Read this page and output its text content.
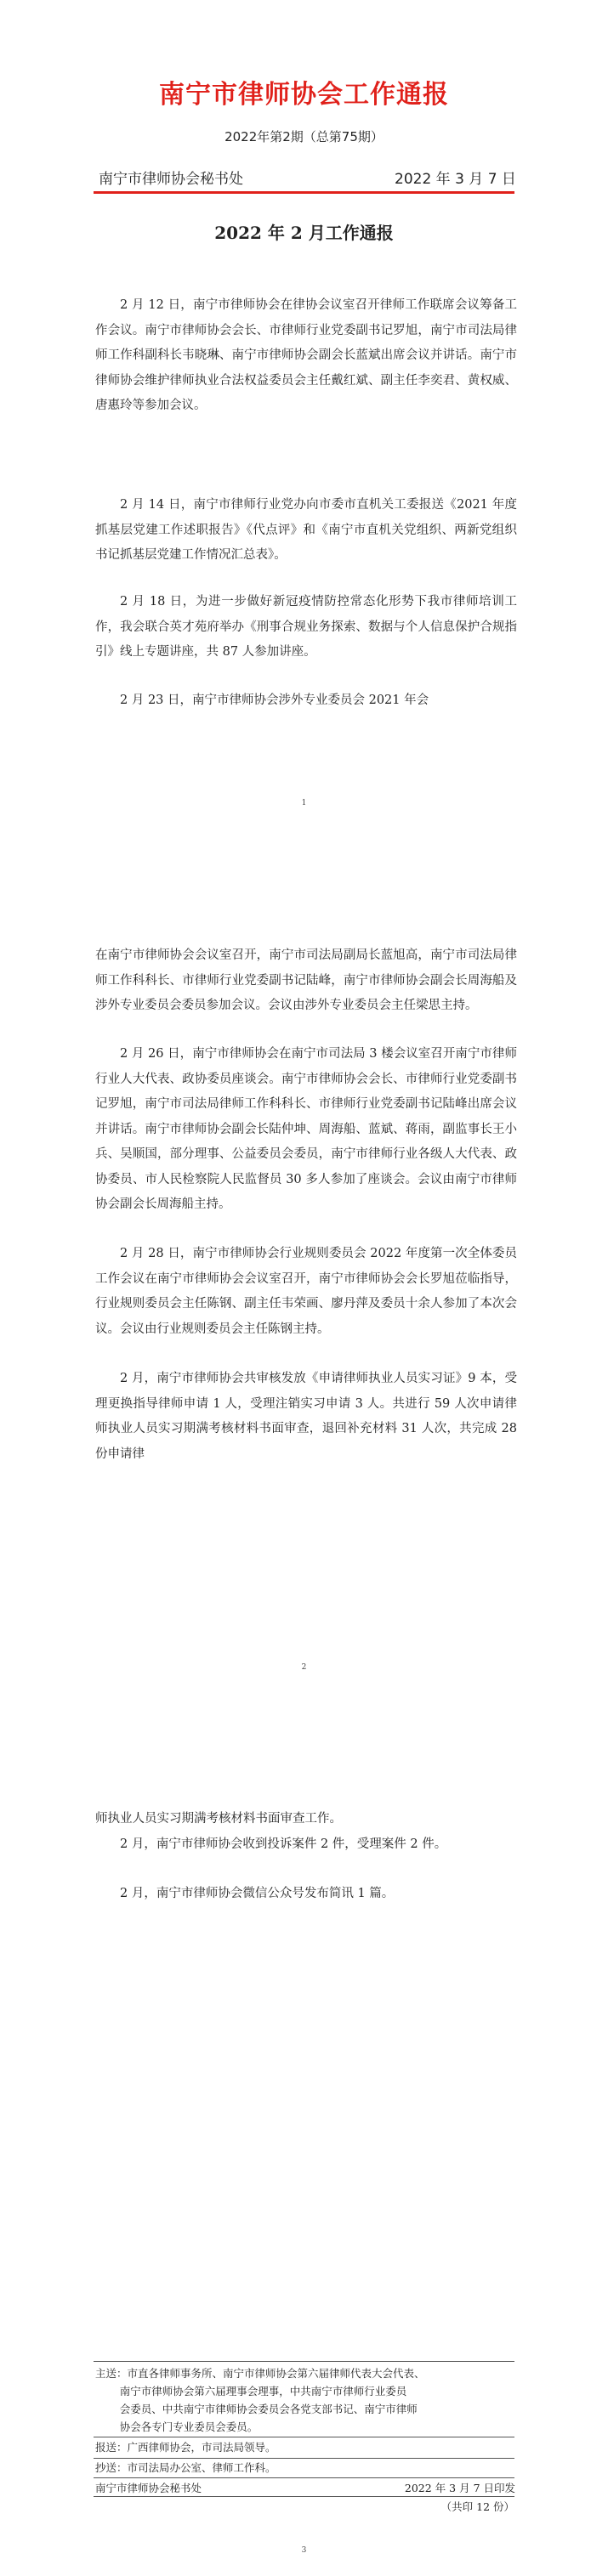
南宁市律师协会工作通报
2022年第2期（总第75期）
南宁市律师协会秘书处	2022 年 3 月 7 日
2022 年 2 月工作通报

2 月 12 日，南宁市律师协会在律协会议室召开律师工作联席会议筹备工作会议。南宁市律师协会会长、市律师行业党委副书记罗旭，南宁市司法局律师工作科副科长韦晓琳、南宁市律师协会副会长蓝斌出席会议并讲话。南宁市律师协会维护律师执业合法权益委员会主任戴红斌、副主任李奕君、黄权威、唐惠玲等参加会议。

2 月 14 日，南宁市律师行业党办向市委市直机关工委报送《2021 年度抓基层党建工作述职报告》《代点评》和《南宁市直机关党组织、两新党组织书记抓基层党建工作情况汇总表》。

2 月 18 日，为进一步做好新冠疫情防控常态化形势下我市律师培训工作，我会联合英才苑府举办《刑事合规业务探索、数据与个人信息保护合规指引》线上专题讲座，共 87 人参加讲座。

2 月 23 日，南宁市律师协会涉外专业委员会 2021 年会

1

在南宁市律师协会会议室召开，南宁市司法局副局长蓝旭高，南宁市司法局律师工作科科长、市律师行业党委副书记陆峰，南宁市律师协会副会长周海船及涉外专业委员会委员参加会议。会议由涉外专业委员会主任梁思主持。

2 月 26 日，南宁市律师协会在南宁市司法局 3 楼会议室召开南宁市律师行业人大代表、政协委员座谈会。南宁市律师协会会长、市律师行业党委副书记罗旭，南宁市司法局律师工作科科长、市律师行业党委副书记陆峰出席会议并讲话。南宁市律师协会副会长陆仲坤、周海船、蓝斌、蒋雨，副监事长王小兵、吴顺国，部分理事、公益委员会委员，南宁市律师行业各级人大代表、政协委员、市人民检察院人民监督员 30 多人参加了座谈会。会议由南宁市律师协会副会长周海船主持。

2 月 28 日，南宁市律师协会行业规则委员会 2022 年度第一次全体委员工作会议在南宁市律师协会会议室召开，南宁市律师协会会长罗旭莅临指导，行业规则委员会主任陈钢、副主任韦荣画、廖丹萍及委员十余人参加了本次会议。会议由行业规则委员会主任陈钢主持。

2 月，南宁市律师协会共审核发放《申请律师执业人员实习证》9 本，受理更换指导律师申请 1 人，受理注销实习申请 3 人。共进行 59 人次申请律师执业人员实习期满考核材料书面审查，退回补充材料 31 人次，共完成 28 份申请律

2

师执业人员实习期满考核材料书面审查工作。

2 月，南宁市律师协会收到投诉案件 2 件，受理案件 2 件。

2 月，南宁市律师协会微信公众号发布简讯 1 篇。

主送：市直各律师事务所、南宁市律师协会第六届律师代表大会代表、
南宁市律师协会第六届理事会理事，中共南宁市律师行业委员
会委员、中共南宁市律师协会委员会各党支部书记、南宁市律师
协会各专门专业委员会委员。
报送：广西律师协会，市司法局领导。
抄送：市司法局办公室、律师工作科。
南宁市律师协会秘书处	2022 年 3 月 7 日印发
（共印 12 份）
3
